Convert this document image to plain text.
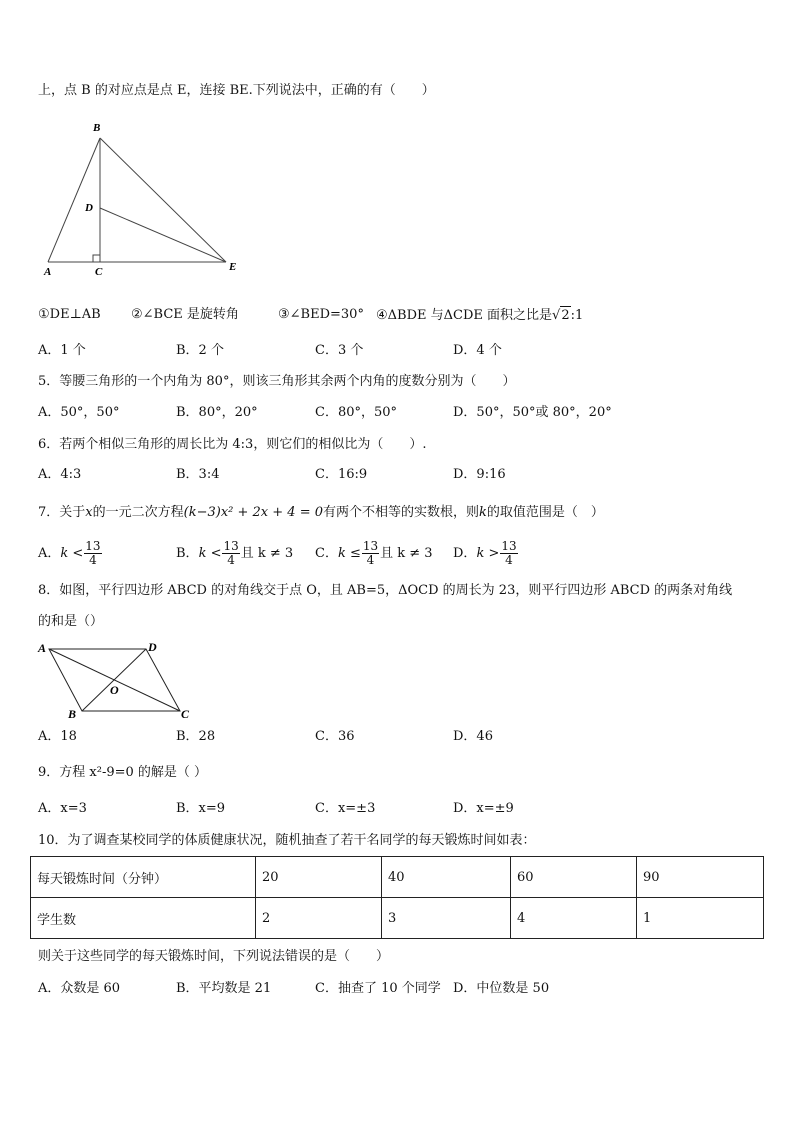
上，点 B 的对应点是点 E，连接 BE.下列说法中，正确的有（　　）
B
D
A	C	E
①DE⊥AB ②∠BCE 是旋转角	③∠BED=30° ④ΔBDE 与ΔCDE 面积之比是√2:1
A．1 个	B．2 个	C．3 个	D．4 个
5．等腰三角形的一个内角为 80°，则该三角形其余两个内角的度数分别为（　　）
A．50°，50°	B．80°，20°	C．80°，50°	D．50°，50°或 80°，20°
6．若两个相似三角形的周长比为 4:3，则它们的相似比为（　　）.
A．4:3	B．3:4	C．16:9	D．9:16
7．关于x的一元二次方程(k−3)x² + 2x + 4 = 0有两个不相等的实数根，则k的取值范围是（　）
A．$k < \frac{13}{4}$	B．$k < \frac{13}{4}$ 且 k ≠ 3 C．$k \le \frac{13}{4}$ 且 k ≠ 3 D．$k > \frac{13}{4}$
8．如图，平行四边形 ABCD 的对角线交于点 O，且 AB=5，ΔOCD 的周长为 23，则平行四边形 ABCD 的两条对角线
的和是（）
A	D
O
B	C
A．18	B．28	C．36	D．46
9．方程 x²-9=0 的解是（ ）
A．x=3	B．x=9	C．x=±3	D．x=±9
10．为了调查某校同学的体质健康状况，随机抽查了若干名同学的每天锻炼时间如表：
每天锻炼时间（分钟）	20	40	60	90
学生数	2	3	4	1
则关于这些同学的每天锻炼时间，下列说法错误的是（　　）
A．众数是 60	B．平均数是 21	C．抽查了 10 个同学 D．中位数是 50
